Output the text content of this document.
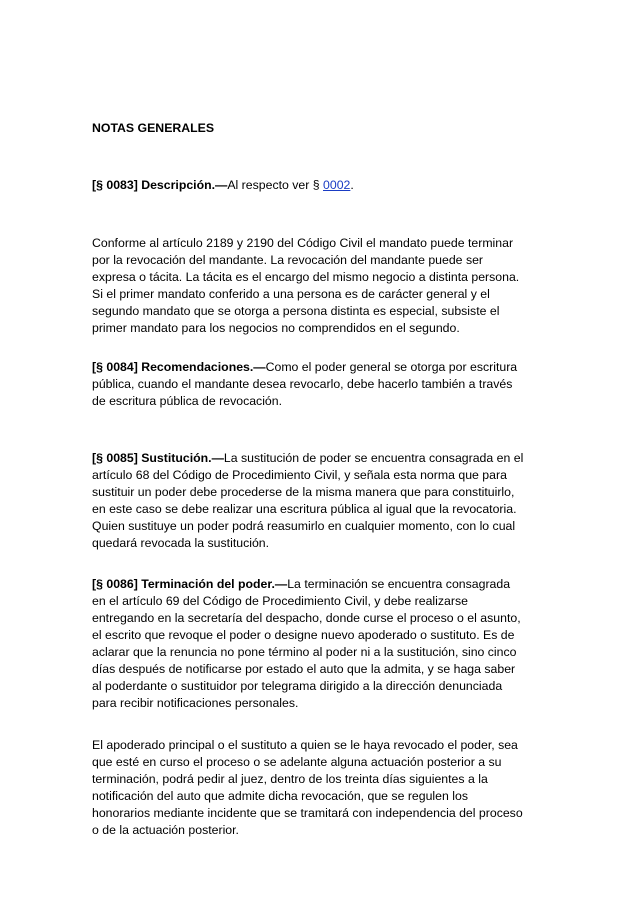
NOTAS GENERALES

[§ 0083] Descripción.—Al respecto ver § 0002.

Conforme al artículo 2189 y 2190 del Código Civil el mandato puede terminar
por la revocación del mandante. La revocación del mandante puede ser
expresa o tácita. La tácita es el encargo del mismo negocio a distinta persona.
Si el primer mandato conferido a una persona es de carácter general y el
segundo mandato que se otorga a persona distinta es especial, subsiste el
primer mandato para los negocios no comprendidos en el segundo.

[§ 0084] Recomendaciones.—Como el poder general se otorga por escritura
pública, cuando el mandante desea revocarlo, debe hacerlo también a través
de escritura pública de revocación.

[§ 0085] Sustitución.—La sustitución de poder se encuentra consagrada en el
artículo 68 del Código de Procedimiento Civil, y señala esta norma que para
sustituir un poder debe procederse de la misma manera que para constituirlo,
en este caso se debe realizar una escritura pública al igual que la revocatoria.
Quien sustituye un poder podrá reasumirlo en cualquier momento, con lo cual
quedará revocada la sustitución.

[§ 0086] Terminación del poder.—La terminación se encuentra consagrada
en el artículo 69 del Código de Procedimiento Civil, y debe realizarse
entregando en la secretaría del despacho, donde curse el proceso o el asunto,
el escrito que revoque el poder o designe nuevo apoderado o sustituto. Es de
aclarar que la renuncia no pone término al poder ni a la sustitución, sino cinco
días después de notificarse por estado el auto que la admita, y se haga saber
al poderdante o sustituidor por telegrama dirigido a la dirección denunciada
para recibir notificaciones personales.

El apoderado principal o el sustituto a quien se le haya revocado el poder, sea
que esté en curso el proceso o se adelante alguna actuación posterior a su
terminación, podrá pedir al juez, dentro de los treinta días siguientes a la
notificación del auto que admite dicha revocación, que se regulen los
honorarios mediante incidente que se tramitará con independencia del proceso
o de la actuación posterior.
